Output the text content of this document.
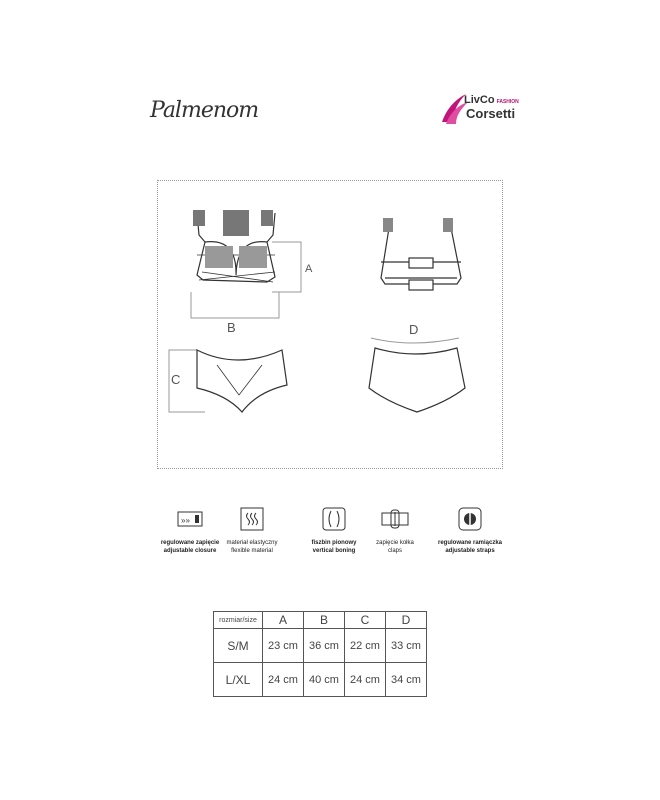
Palmenom	LivCo FASHION
Corsetti
A
B
C
D
»»
regulowane zapięcie
adjustable closure
materiał elastyczny
flexible material
fiszbin pionowy
vertical boning
zapięcie kołka
claps
regulowane ramiączka
adjustable straps
rozmiar/size	A	B	C	D
S/M	23 cm	36 cm	22 cm	33 cm
L/XL	24 cm	40 cm	24 cm	34 cm
